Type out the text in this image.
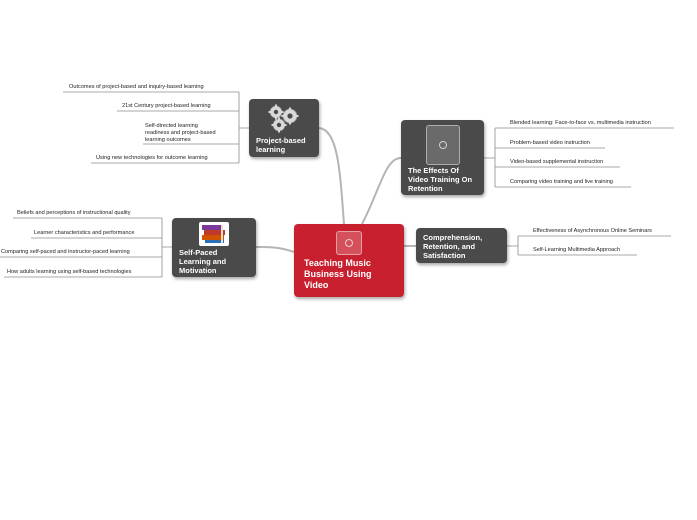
Teaching Music Business Using Video
Project-based learning
The Effects Of Video Training On Retention
Comprehension, Retention, and Satisfaction
Self-Paced Learning and Motivation
Outcomes of project-based and inquiry-based learning
21st Century project-based learning
Self-directed learning readiness and project-based learning outcomes
Using new technologies for outcome learning
Blended learning: Face-to-face vs. multimedia instruction
Problem-based video instruction
Video-based supplemental instruction
Comparing video training and live training
Effectiveness of Asynchronous Online Seminars
Self-Learning Multimedia Approach
Beliefs and perceptions of instructional quality
Learner characteristics and performance
Comparing self-paced and instructor-paced learning
How adults learning using self-based technologies
